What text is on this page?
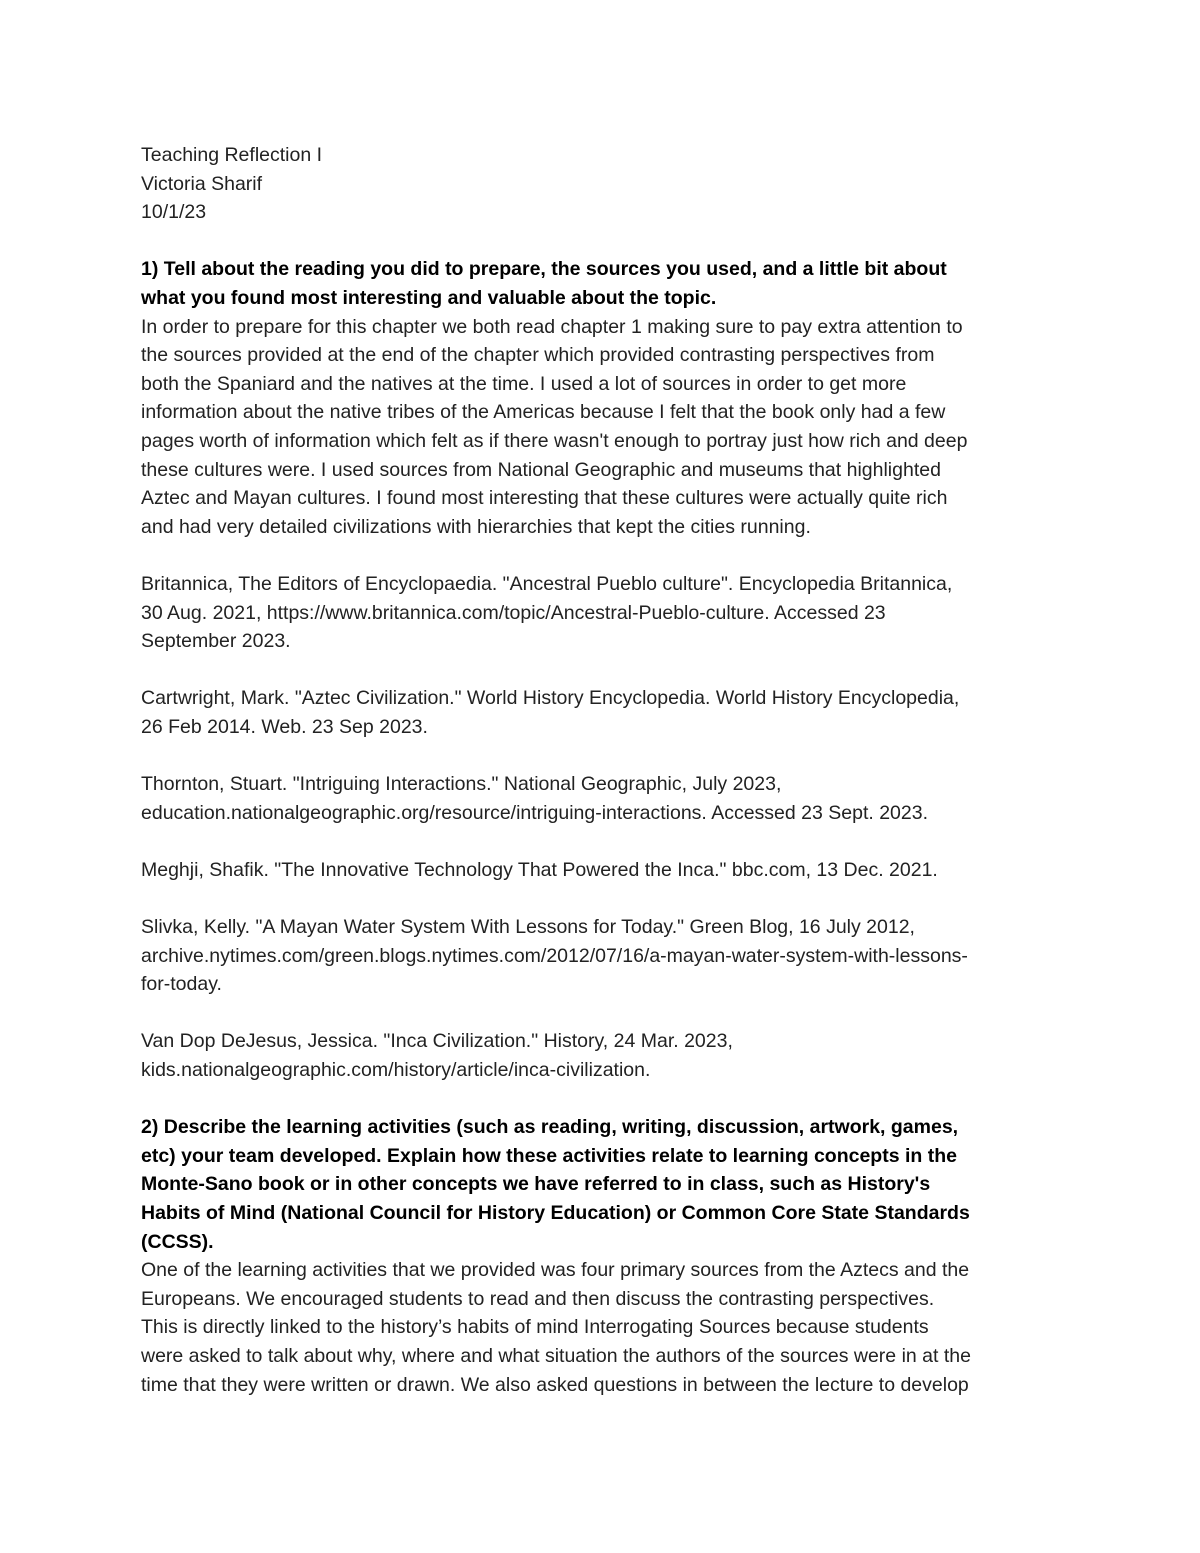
Teaching Reflection I

Victoria Sharif

10/1/23

1) Tell about the reading you did to prepare, the sources you used, and a little bit about

what you found most interesting and valuable about the topic.

In order to prepare for this chapter we both read chapter 1 making sure to pay extra attention to

the sources provided at the end of the chapter which provided contrasting perspectives from

both the Spaniard and the natives at the time. I used a lot of sources in order to get more

information about the native tribes of the Americas because I felt that the book only had a few

pages worth of information which felt as if there wasn't enough to portray just how rich and deep

these cultures were. I used sources from National Geographic and museums that highlighted

Aztec and Mayan cultures. I found most interesting that these cultures were actually quite rich

and had very detailed civilizations with hierarchies that kept the cities running.

Britannica, The Editors of Encyclopaedia. "Ancestral Pueblo culture". Encyclopedia Britannica,

30 Aug. 2021, https://www.britannica.com/topic/Ancestral-Pueblo-culture. Accessed 23

September 2023.

Cartwright, Mark. "Aztec Civilization." World History Encyclopedia. World History Encyclopedia,

26 Feb 2014. Web. 23 Sep 2023.

Thornton, Stuart. "Intriguing Interactions." National Geographic, July 2023,

education.nationalgeographic.org/resource/intriguing-interactions. Accessed 23 Sept. 2023.

Meghji, Shafik. "The Innovative Technology That Powered the Inca." bbc.com, 13 Dec. 2021.

Slivka, Kelly. "A Mayan Water System With Lessons for Today." Green Blog, 16 July 2012,

archive.nytimes.com/green.blogs.nytimes.com/2012/07/16/a-mayan-water-system-with-lessons-

for-today.

Van Dop DeJesus, Jessica. "Inca Civilization." History, 24 Mar. 2023,

kids.nationalgeographic.com/history/article/inca-civilization.

2) Describe the learning activities (such as reading, writing, discussion, artwork, games,

etc) your team developed. Explain how these activities relate to learning concepts in the

Monte-Sano book or in other concepts we have referred to in class, such as History's

Habits of Mind (National Council for History Education) or Common Core State Standards

(CCSS).

One of the learning activities that we provided was four primary sources from the Aztecs and the

Europeans. We encouraged students to read and then discuss the contrasting perspectives.

This is directly linked to the history’s habits of mind Interrogating Sources because students

were asked to talk about why, where and what situation the authors of the sources were in at the

time that they were written or drawn. We also asked questions in between the lecture to develop
